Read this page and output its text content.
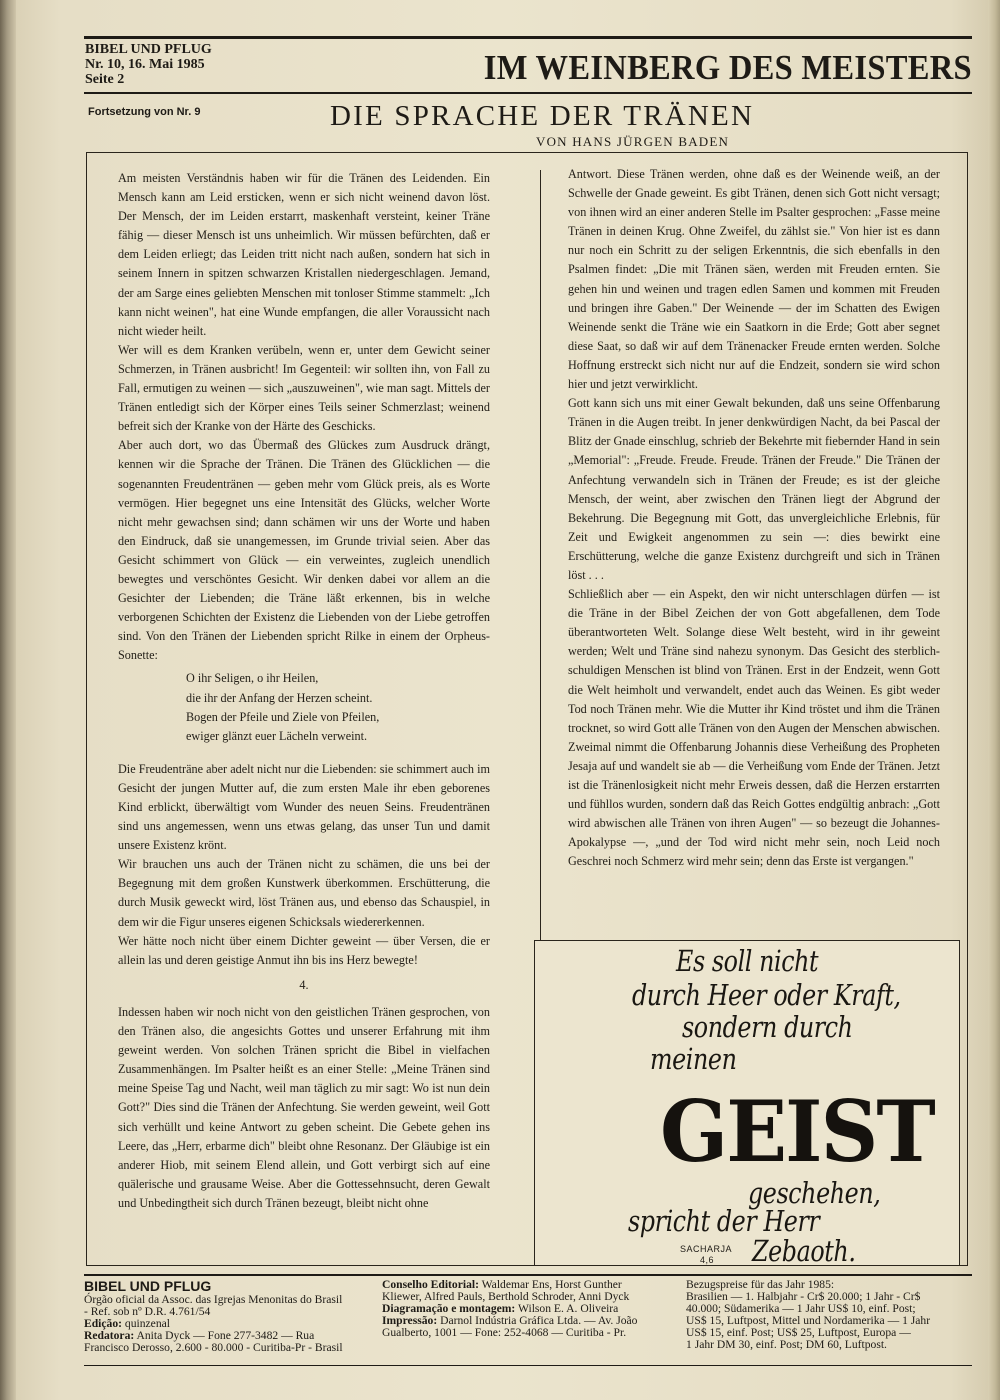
BIBEL UND PFLUG
Nr. 10, 16. Mai 1985
Seite 2	IM WEINBERG DES MEISTERS
Fortsetzung von Nr. 9	DIE SPRACHE DER TRÄNEN
VON HANS JÜRGEN BADEN

Am meisten Verständnis haben wir für die Tränen des Leidenden. Ein Mensch kann am Leid ersticken, wenn er sich nicht weinend davon löst. Der Mensch, der im Leiden erstarrt, maskenhaft versteint, keiner Träne fähig — dieser Mensch ist uns unheimlich. Wir müssen befürchten, daß er dem Leiden erliegt; das Leiden tritt nicht nach außen, sondern hat sich in seinem Innern in spitzen schwarzen Kristallen niedergeschlagen. Jemand, der am Sarge eines geliebten Menschen mit tonloser Stimme stammelt: „Ich kann nicht weinen", hat eine Wunde empfangen, die aller Voraussicht nach nicht wieder heilt.

Wer will es dem Kranken verübeln, wenn er, unter dem Gewicht seiner Schmerzen, in Tränen ausbricht! Im Gegenteil: wir sollten ihn, von Fall zu Fall, ermutigen zu weinen — sich „auszuweinen", wie man sagt. Mittels der Tränen entledigt sich der Körper eines Teils seiner Schmerzlast; weinend befreit sich der Kranke von der Härte des Geschicks.

Aber auch dort, wo das Übermaß des Glückes zum Ausdruck drängt, kennen wir die Sprache der Tränen. Die Tränen des Glücklichen — die sogenannten Freudentränen — geben mehr vom Glück preis, als es Worte vermögen. Hier begegnet uns eine Intensität des Glücks, welcher Worte nicht mehr gewachsen sind; dann schämen wir uns der Worte und haben den Eindruck, daß sie unangemessen, im Grunde trivial seien. Aber das Gesicht schimmert von Glück — ein verweintes, zugleich unendlich bewegtes und verschöntes Gesicht. Wir denken dabei vor allem an die Gesichter der Liebenden; die Träne läßt erkennen, bis in welche verborgenen Schichten der Existenz die Liebenden von der Liebe getroffen sind. Von den Tränen der Liebenden spricht Rilke in einem der Orpheus-Sonette:

O ihr Seligen, o ihr Heilen,
die ihr der Anfang der Herzen scheint.
Bogen der Pfeile und Ziele von Pfeilen,
ewiger glänzt euer Lächeln verweint.

Die Freudenträne aber adelt nicht nur die Liebenden: sie schimmert auch im Gesicht der jungen Mutter auf, die zum ersten Male ihr eben geborenes Kind erblickt, überwältigt vom Wunder des neuen Seins. Freudentränen sind uns angemessen, wenn uns etwas gelang, das unser Tun und damit unsere Existenz krönt.

Wir brauchen uns auch der Tränen nicht zu schämen, die uns bei der Begegnung mit dem großen Kunstwerk überkommen. Erschütterung, die durch Musik geweckt wird, löst Tränen aus, und ebenso das Schauspiel, in dem wir die Figur unseres eigenen Schicksals wiedererkennen.

Wer hätte noch nicht über einem Dichter geweint — über Versen, die er allein las und deren geistige Anmut ihn bis ins Herz bewegte!

4.

Indessen haben wir noch nicht von den geistlichen Tränen gesprochen, von den Tränen also, die angesichts Gottes und unserer Erfahrung mit ihm geweint werden. Von solchen Tränen spricht die Bibel in vielfachen Zusammenhängen. Im Psalter heißt es an einer Stelle: „Meine Tränen sind meine Speise Tag und Nacht, weil man täglich zu mir sagt: Wo ist nun dein Gott?" Dies sind die Tränen der Anfechtung. Sie werden geweint, weil Gott sich verhüllt und keine Antwort zu geben scheint. Die Gebete gehen ins Leere, das „Herr, erbarme dich" bleibt ohne Resonanz. Der Gläubige ist ein anderer Hiob, mit seinem Elend allein, und Gott verbirgt sich auf eine quälerische und grausame Weise. Aber die Gottessehnsucht, deren Gewalt und Unbedingtheit sich durch Tränen bezeugt, bleibt nicht ohne

Antwort. Diese Tränen werden, ohne daß es der Weinende weiß, an der Schwelle der Gnade geweint. Es gibt Tränen, denen sich Gott nicht versagt; von ihnen wird an einer anderen Stelle im Psalter gesprochen: „Fasse meine Tränen in deinen Krug. Ohne Zweifel, du zählst sie." Von hier ist es dann nur noch ein Schritt zu der seligen Erkenntnis, die sich ebenfalls in den Psalmen findet: „Die mit Tränen säen, werden mit Freuden ernten. Sie gehen hin und weinen und tragen edlen Samen und kommen mit Freuden und bringen ihre Gaben." Der Weinende — der im Schatten des Ewigen Weinende senkt die Träne wie ein Saatkorn in die Erde; Gott aber segnet diese Saat, so daß wir auf dem Tränenacker Freude ernten werden. Solche Hoffnung erstreckt sich nicht nur auf die Endzeit, sondern sie wird schon hier und jetzt verwirklicht.

Gott kann sich uns mit einer Gewalt bekunden, daß uns seine Offenbarung Tränen in die Augen treibt. In jener denkwürdigen Nacht, da bei Pascal der Blitz der Gnade einschlug, schrieb der Bekehrte mit fiebernder Hand in sein „Memorial": „Freude. Freude. Freude. Tränen der Freude." Die Tränen der Anfechtung verwandeln sich in Tränen der Freude; es ist der gleiche Mensch, der weint, aber zwischen den Tränen liegt der Abgrund der Bekehrung. Die Begegnung mit Gott, das unvergleichliche Erlebnis, für Zeit und Ewigkeit angenommen zu sein —: dies bewirkt eine Erschütterung, welche die ganze Existenz durchgreift und sich in Tränen löst . . .

Schließlich aber — ein Aspekt, den wir nicht unterschlagen dürfen — ist die Träne in der Bibel Zeichen der von Gott abgefallenen, dem Tode überantworteten Welt. Solange diese Welt besteht, wird in ihr geweint werden; Welt und Träne sind nahezu synonym. Das Gesicht des sterblich-schuldigen Menschen ist blind von Tränen. Erst in der Endzeit, wenn Gott die Welt heimholt und verwandelt, endet auch das Weinen. Es gibt weder Tod noch Tränen mehr. Wie die Mutter ihr Kind tröstet und ihm die Tränen trocknet, so wird Gott alle Tränen von den Augen der Menschen abwischen. Zweimal nimmt die Offenbarung Johannis diese Verheißung des Propheten Jesaja auf und wandelt sie ab — die Verheißung vom Ende der Tränen. Jetzt ist die Tränenlosigkeit nicht mehr Erweis dessen, daß die Herzen erstarrten und fühllos wurden, sondern daß das Reich Gottes endgültig anbrach: „Gott wird abwischen alle Tränen von ihren Augen" — so bezeugt die Johannes-Apokalypse —, „und der Tod wird nicht mehr sein, noch Leid noch Geschrei noch Schmerz wird mehr sein; denn das Erste ist vergangen."

Es soll nicht
durch Heer oder Kraft,
sondern durch
meinen
GEIST
geschehen,
spricht der Herr
SACHARJA
4,6 Zebaoth.
BIBEL UND PFLUG
Órgão oficial da Assoc. das Igrejas Menonitas do Brasil
- Ref. sob nº D.R. 4.761/54
Edição: quinzenal
Redatora: Anita Dyck — Fone 277-3482 — Rua
Francisco Derosso, 2.600 - 80.000 - Curitiba-Pr - Brasil
Conselho Editorial: Waldemar Ens, Horst Gunther
Kliewer, Alfred Pauls, Berthold Schroder, Anni Dyck
Diagramação e montagem: Wilson E. A. Oliveira
Impressão: Darnol Indústria Gráfica Ltda. — Av. João
Gualberto, 1001 — Fone: 252-4068 — Curitiba - Pr.
Bezugspreise für das Jahr 1985:
Brasilien — 1. Halbjahr - Cr$ 20.000; 1 Jahr - Cr$
40.000; Südamerika — 1 Jahr US$ 10, einf. Post;
US$ 15, Luftpost, Mittel und Nordamerika — 1 Jahr
US$ 15, einf. Post; US$ 25, Luftpost, Europa —
1 Jahr DM 30, einf. Post; DM 60, Luftpost.
